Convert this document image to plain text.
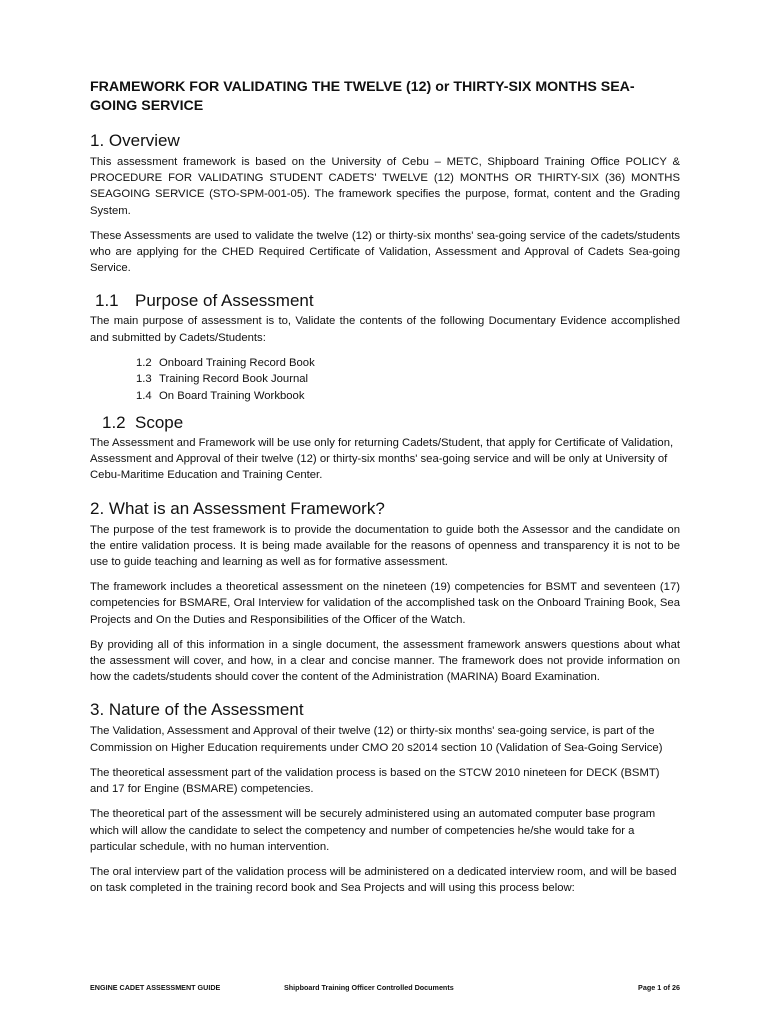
FRAMEWORK FOR VALIDATING THE TWELVE (12) or THIRTY-SIX MONTHS SEA-GOING SERVICE
1. Overview

This assessment framework is based on the University of Cebu – METC, Shipboard Training Office POLICY & PROCEDURE FOR VALIDATING STUDENT CADETS' TWELVE (12) MONTHS OR THIRTY-SIX (36) MONTHS SEAGOING SERVICE (STO-SPM-001-05). The framework specifies the purpose, format, content and the Grading System.

These Assessments are used to validate the twelve (12) or thirty-six months' sea-going service of the cadets/students who are applying for the CHED Required Certificate of Validation, Assessment and Approval of Cadets Sea-going Service.

1.1 Purpose of Assessment

The main purpose of assessment is to, Validate the contents of the following Documentary Evidence accomplished and submitted by Cadets/Students:

1.2 Onboard Training Record Book
1.3 Training Record Book Journal
1.4 On Board Training Workbook
1.2 Scope

The Assessment and Framework will be use only for returning Cadets/Student, that apply for Certificate of Validation, Assessment and Approval of their twelve (12) or thirty-six months' sea-going service and will be only at University of Cebu-Maritime Education and Training Center.

2. What is an Assessment Framework?

The purpose of the test framework is to provide the documentation to guide both the Assessor and the candidate on the entire validation process. It is being made available for the reasons of openness and transparency it is not to be use to guide teaching and learning as well as for formative assessment.

The framework includes a theoretical assessment on the nineteen (19) competencies for BSMT and seventeen (17) competencies for BSMARE, Oral Interview for validation of the accomplished task on the Onboard Training Book, Sea Projects and On the Duties and Responsibilities of the Officer of the Watch.

By providing all of this information in a single document, the assessment framework answers questions about what the assessment will cover, and how, in a clear and concise manner. The framework does not provide information on how the cadets/students should cover the content of the Administration (MARINA) Board Examination.

3. Nature of the Assessment

The Validation, Assessment and Approval of their twelve (12) or thirty-six months' sea-going service, is part of the Commission on Higher Education requirements under CMO 20 s2014 section 10 (Validation of Sea-Going Service)

The theoretical assessment part of the validation process is based on the STCW 2010 nineteen for DECK (BSMT) and 17 for Engine (BSMARE) competencies.

The theoretical part of the assessment will be securely administered using an automated computer base program which will allow the candidate to select the competency and number of competencies he/she would take for a particular schedule, with no human intervention.

The oral interview part of the validation process will be administered on a dedicated interview room, and will be based on task completed in the training record book and Sea Projects and will using this process below:

ENGINE CADET ASSESSMENT GUIDE	Shipboard Training Officer Controlled Documents	Page 1 of 26
